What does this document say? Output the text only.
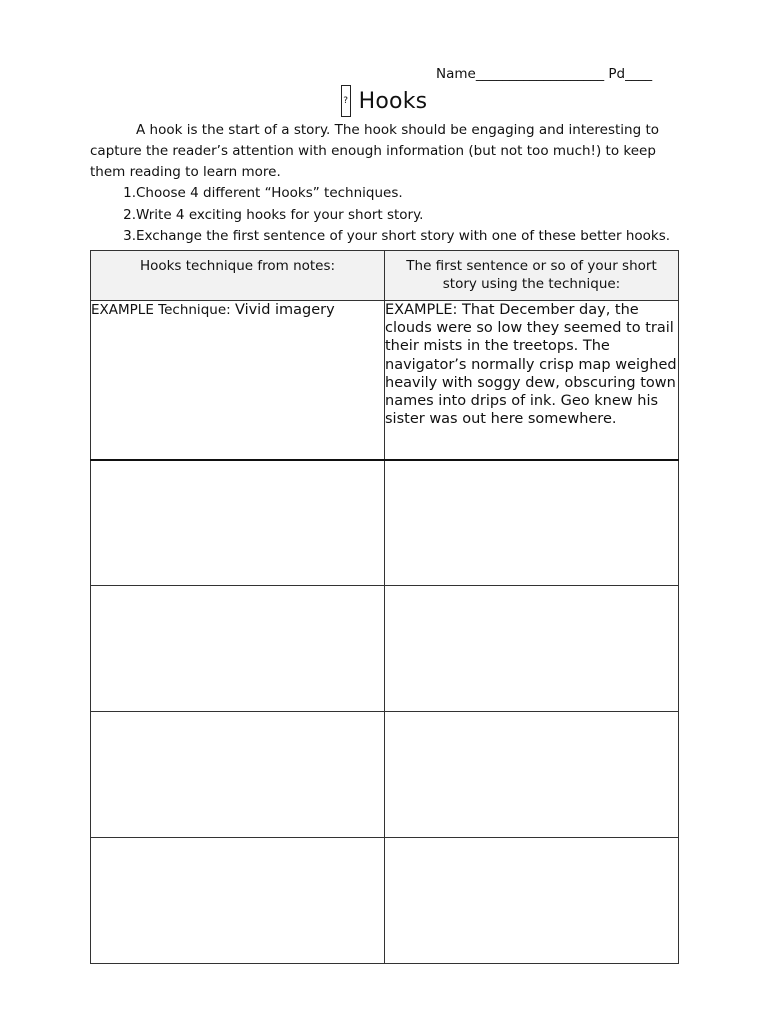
Name___________________ Pd____
? Hooks

A hook is the start of a story. The hook should be engaging and interesting to capture the reader’s attention with enough information (but not too much!) to keep them reading to learn more.

1. Choose 4 different “Hooks” techniques.
2. Write 4 exciting hooks for your short story.
3. Exchange the first sentence of your short story with one of these better hooks.
Hooks technique from notes:	The first sentence or so of your short story using the technique:
EXAMPLE Technique: Vivid imagery	EXAMPLE: That December day, the clouds were so low they seemed to trail their mists in the treetops. The navigator’s normally crisp map weighed heavily with soggy dew, obscuring town names into drips of ink. Geo knew his sister was out here somewhere.
